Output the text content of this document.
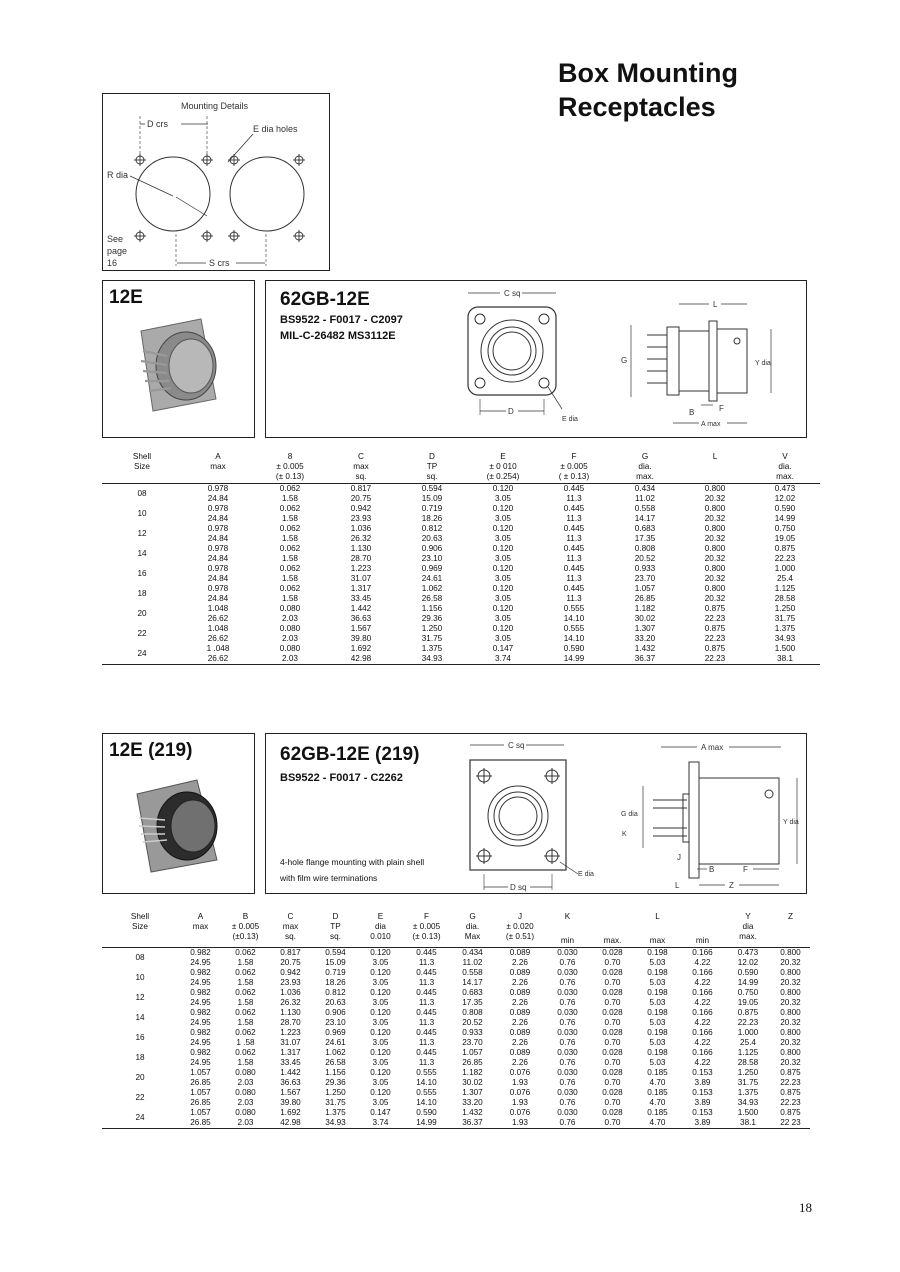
Box Mounting
Receptacles
Mounting Details
D crs	E dia holes
R dia
See
page
16	S crs
12E	62GB-12E
BS9522 - F0017 - C2097
MIL-C-26482 MS3112E
C sq
D
E dia
L
G	Y dia
B	F
A max
Shell	A	8	C	D	E	F	G	L	V
Size	max	± 0.005	max	TP	± 0 010	± 0.005	dia.		dia.
		(± 0.13)	sq.	sq.	(± 0.254)	( ± 0.13)	max.		max.
08	0.978	0.062	0.817	0.594	0.120	0.445	0.434	0.800	0.473
	24.84	1.58	20.75	15.09	3.05	11.3	11.02	20.32	12.02
10	0.978	0.062	0.942	0.719	0.120	0.445	0.558	0.800	0.590
	24.84	1.58	23.93	18.26	3.05	11.3	14.17	20.32	14.99
12	0.978	0.062	1.036	0.812	0.120	0.445	0.683	0.800	0.750
	24.84	1.58	26.32	20.63	3.05	11.3	17.35	20.32	19.05
14	0.978	0.062	1.130	0.906	0.120	0.445	0.808	0.800	0.875
	24.84	1.58	28.70	23.10	3.05	11.3	20.52	20.32	22.23
16	0.978	0.062	1.223	0.969	0.120	0.445	0.933	0.800	1.000
	24.84	1.58	31.07	24.61	3.05	11.3	23.70	20.32	25.4
18	0.978	0.062	1.317	1.062	0.120	0.445	1.057	0.800	1.125
	24.84	1.58	33.45	26.58	3.05	11.3	26.85	20.32	28.58
20	1.048	0.080	1.442	1.156	0.120	0.555	1.182	0.875	1.250
	26.62	2.03	36.63	29.36	3.05	14.10	30.02	22.23	31.75
22	1.048	0.080	1.567	1.250	0.120	0.555	1.307	0.875	1.375
	26.62	2.03	39.80	31.75	3.05	14.10	33.20	22.23	34.93
24	1 .048	0.080	1.692	1.375	0.147	0.590	1.432	0.875	1.500
	26.62	2.03	42.98	34.93	3.74	14.99	36.37	22.23	38.1
12E (219)	62GB-12E (219)
BS9522 - F0017 - C2262
4-hole flange mounting with plain shell
with film wire terminations
C sq
E dia
D sq
A max
G dia
K
J
Y dia
B	F
L	Z
Shell	A	B	C	D	E	F	G	J	K		L		Y	Z
Size	max	± 0.005	max	TP	dia	± 0.005	dia.	± 0.020					dia	
		(±0.13)	sq.	sq.	0.010	(± 0.13)	Max	(± 0.51)	min	max.	max	min	max.	
08	0.982	0.062	0.817	0.594	0.120	0.445	0.434	0.089	0.030	0.028	0.198	0.166	0.473	0.800
	24.95	1.58	20.75	15.09	3.05	11.3	11.02	2.26	0.76	0.70	5.03	4.22	12.02	20.32
10	0.982	0.062	0.942	0.719	0.120	0.445	0.558	0.089	0.030	0.028	0.198	0.166	0.590	0.800
	24.95	1.58	23.93	18.26	3.05	11.3	14.17	2.26	0.76	0.70	5.03	4.22	14.99	20.32
12	0.982	0.062	1.036	0.812	0.120	0.445	0.683	0.089	0.030	0.028	0.198	0.166	0.750	0.800
	24.95	1.58	26.32	20.63	3.05	11.3	17.35	2.26	0.76	0.70	5.03	4.22	19.05	20.32
14	0.982	0.062	1.130	0.906	0.120	0.445	0.808	0.089	0.030	0.028	0.198	0.166	0.875	0.800
	24.95	1.58	28.70	23.10	3.05	11.3	20.52	2.26	0.76	0.70	5.03	4.22	22.23	20.32
16	0.982	0.062	1.223	0.969	0.120	0.445	0.933	0.089	0.030	0.028	0.198	0.166	1.000	0.800
	24.95	1 .58	31.07	24.61	3.05	11.3	23.70	2.26	0.76	0.70	5.03	4.22	25.4	20.32
18	0.982	0.062	1.317	1.062	0.120	0.445	1.057	0.089	0.030	0.028	0.198	0.166	1.125	0.800
	24.95	1.58	33.45	26.58	3.05	11.3	26.85	2.26	0.76	0.70	5.03	4.22	28.58	20.32
20	1.057	0.080	1.442	1.156	0.120	0.555	1.182	0.076	0.030	0.028	0.185	0.153	1.250	0.875
	26.85	2.03	36.63	29.36	3.05	14.10	30.02	1.93	0.76	0.70	4.70	3.89	31.75	22.23
22	1.057	0.080	1.567	1.250	0.120	0.555	1.307	0.076	0.030	0.028	0.185	0.153	1.375	0.875
	26.85	2.03	39.80	31.75	3.05	14.10	33.20	1.93	0.76	0.70	4.70	3.89	34.93	22.23
24	1.057	0.080	1.692	1.375	0.147	0.590	1.432	0.076	0.030	0.028	0.185	0.153	1.500	0.875
	26.85	2.03	42.98	34.93	3.74	14.99	36.37	1.93	0.76	0.70	4.70	3.89	38.1	22 23
18
